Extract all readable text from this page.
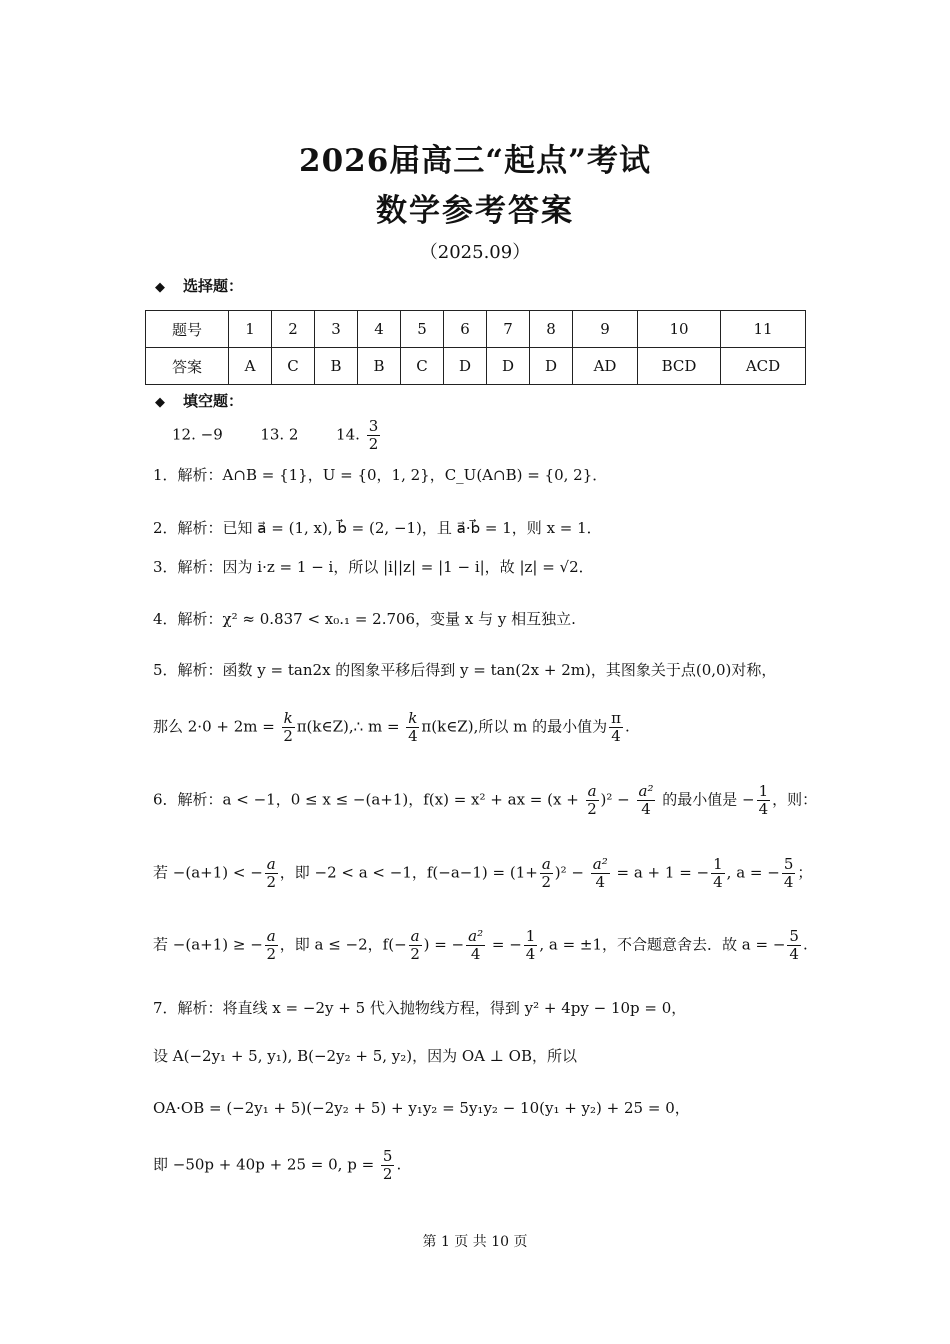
2026届高三“起点”考试
数学参考答案
（2025.09）
◆ 选择题：
题号	1	2	3	4	5	6	7	8	9	10	11
答案	A	C	B	B	C	D	D	D	AD	BCD	ACD
◆ 填空题：
12. −9	13. 2	14. $\frac{3}{2}$
1．解析：A∩B = {1}，U = {0，1, 2}，C_U(A∩B) = {0, 2}．
2．解析：已知 a⃗ = (1, x), b⃗ = (2, −1)，且 a⃗·b⃗ = 1，则 x = 1．
3．解析：因为 i·z = 1 − i，所以 |i||z| = |1 − i|，故 |z| = √2．
4．解析：χ² ≈ 0.837 < x₀.₁ = 2.706，变量 x 与 y 相互独立.
5．解析：函数 y = tan2x 的图象平移后得到 y = tan(2x + 2m)，其图象关于点(0,0)对称，
那么 $2\cdot 0 + 2m = \frac{k}{2}$ π(k∈Z),∴ $m = \frac{k}{4}$ π(k∈Z),所以 m 的最小值为 $\frac{\pi}{4}$ .
6．解析：a < −1，0 ≤ x ≤ −(a+1)，f(x) = x² + ax = $(x + \frac{a}{2} )^2 - \frac{\text{a²}}{4}$ 的最小值是 − $\frac{1}{4}$ ，则：
若 −(a+1) < − $\frac{a}{2}$ ，即 −2 < a < −1，$f(-a-1) = (1+ \frac{a}{2} )^2 - \frac{\text{a²}}{4} = a + 1$ = − $\frac{1}{4}$ , a = − $\frac{5}{4}$ ；
若 −(a+1) ≥ − $\frac{a}{2}$ ，即 a ≤ −2，$f(- \frac{a}{2}$ ) = − $\frac{\text{a²}}{4}$ = − $\frac{1}{4}$ , a = ±1，不合题意舍去．故 a = − $\frac{5}{4}$ .
7．解析：将直线 x = −2y + 5 代入抛物线方程，得到 y² + 4py − 10p = 0，
设 A(−2y₁ + 5, y₁), B(−2y₂ + 5, y₂)，因为 OA ⊥ OB，所以
OA·OB = (−2y₁ + 5)(−2y₂ + 5) + y₁y₂ = 5y₁y₂ − 10(y₁ + y₂) + 25 = 0，
即 −50p + 40p + 25 = 0, $p = \frac{5}{2}$ .
第 1 页 共 10 页
